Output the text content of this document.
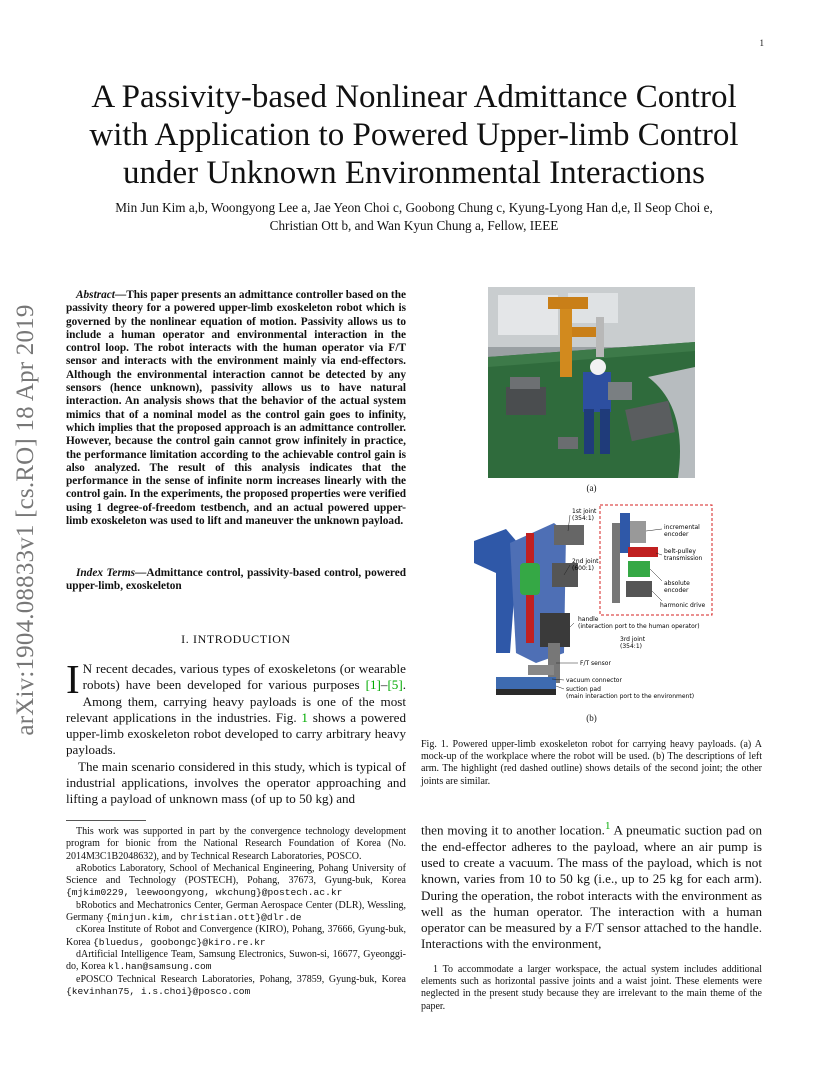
1
arXiv:1904.08833v1 [cs.RO] 18 Apr 2019
A Passivity-based Nonlinear Admittance Control with Application to Powered Upper-limb Control under Unknown Environmental Interactions
Min Jun Kim a,b, Woongyong Lee a, Jae Yeon Choi c, Goobong Chung c, Kyung-Lyong Han d,e, Il Seop Choi e,
Christian Ott b, and Wan Kyun Chung a, Fellow, IEEE
Abstract—This paper presents an admittance controller based on the passivity theory for a powered upper-limb exoskeleton robot which is governed by the nonlinear equation of motion. Passivity allows us to include a human operator and environmental interaction in the control loop. The robot interacts with the human operator via F/T sensor and interacts with the environment mainly via end-effectors. Although the environmental interaction cannot be detected by any sensors (hence unknown), passivity allows us to have natural interaction. An analysis shows that the behavior of the actual system mimics that of a nominal model as the control gain goes to infinity, which implies that the proposed approach is an admittance controller. However, because the control gain cannot grow infinitely in practice, the performance limitation according to the achievable control gain is also analyzed. The result of this analysis indicates that the performance in the sense of infinite norm increases linearly with the control gain. In the experiments, the proposed properties were verified using 1 degree-of-freedom testbench, and an actual powered upper-limb exoskeleton was used to lift and maneuver the unknown payload.
Index Terms—Admittance control, passivity-based control, powered upper-limb, exoskeleton
I. INTRODUCTION

I N recent decades, various types of exoskeletons (or wearable robots) have been developed for various purposes [1]–[5]. Among them, carrying heavy payloads is one of the most relevant applications in the industries. Fig. 1 shows a powered upper-limb exoskeleton robot developed to carry arbitrary heavy payloads.

The main scenario considered in this study, which is typical of industrial applications, involves the operator approaching and lifting a payload of unknown mass (of up to 50 kg) and

This work was supported in part by the convergence technology development program for bionic from the National Research Foundation of Korea (No. 2014M3C1B2048632), and by Technical Research Laboratories, POSCO.

aRobotics Laboratory, School of Mechanical Engineering, Pohang University of Science and Technology (POSTECH), Pohang, 37673, Gyung-buk, Korea {mjkim0229, leewoongyong, wkchung}@postech.ac.kr

bRobotics and Mechatronics Center, German Aerospace Center (DLR), Wessling, Germany {minjun.kim, christian.ott}@dlr.de

cKorea Institute of Robot and Convergence (KIRO), Pohang, 37666, Gyung-buk, Korea {bluedus, goobongc}@kiro.re.kr

dArtificial Intelligence Team, Samsung Electronics, Suwon-si, 16677, Gyeonggi-do, Korea kl.han@samsung.com

ePOSCO Technical Research Laboratories, Pohang, 37859, Gyung-buk, Korea {kevinhan75, i.s.choi}@posco.com

(a)
1st joint
(354:1)
2nd joint
(600:1)
incremental
encoder
belt-pulley
transmission
absolute
encoder
harmonic drive
handle
(interaction port to the human operator)
3rd joint
(354:1)
F/T sensor
vacuum connector
suction pad
(main interaction port to the environment)
(b)
Fig. 1. Powered upper-limb exoskeleton robot for carrying heavy payloads. (a) A mock-up of the workplace where the robot will be used. (b) The descriptions of left arm. The highlight (red dashed outline) shows details of the second joint; the other joints are similar.
then moving it to another location.$^1$ A pneumatic suction pad on the end-effector adheres to the payload, where an air pump is used to create a vacuum. The mass of the payload, which is not known, varies from 10 to 50 kg (i.e., up to 25 kg for each arm). During the operation, the robot interacts with the environment as well as the human operator. The interaction with a human operator can be measured by a F/T sensor attached to the handle. Interactions with the environment,
1 To accommodate a larger workspace, the actual system includes additional elements such as horizontal passive joints and a waist joint. These elements were neglected in the present study because they are irrelevant to the main theme of the paper.
